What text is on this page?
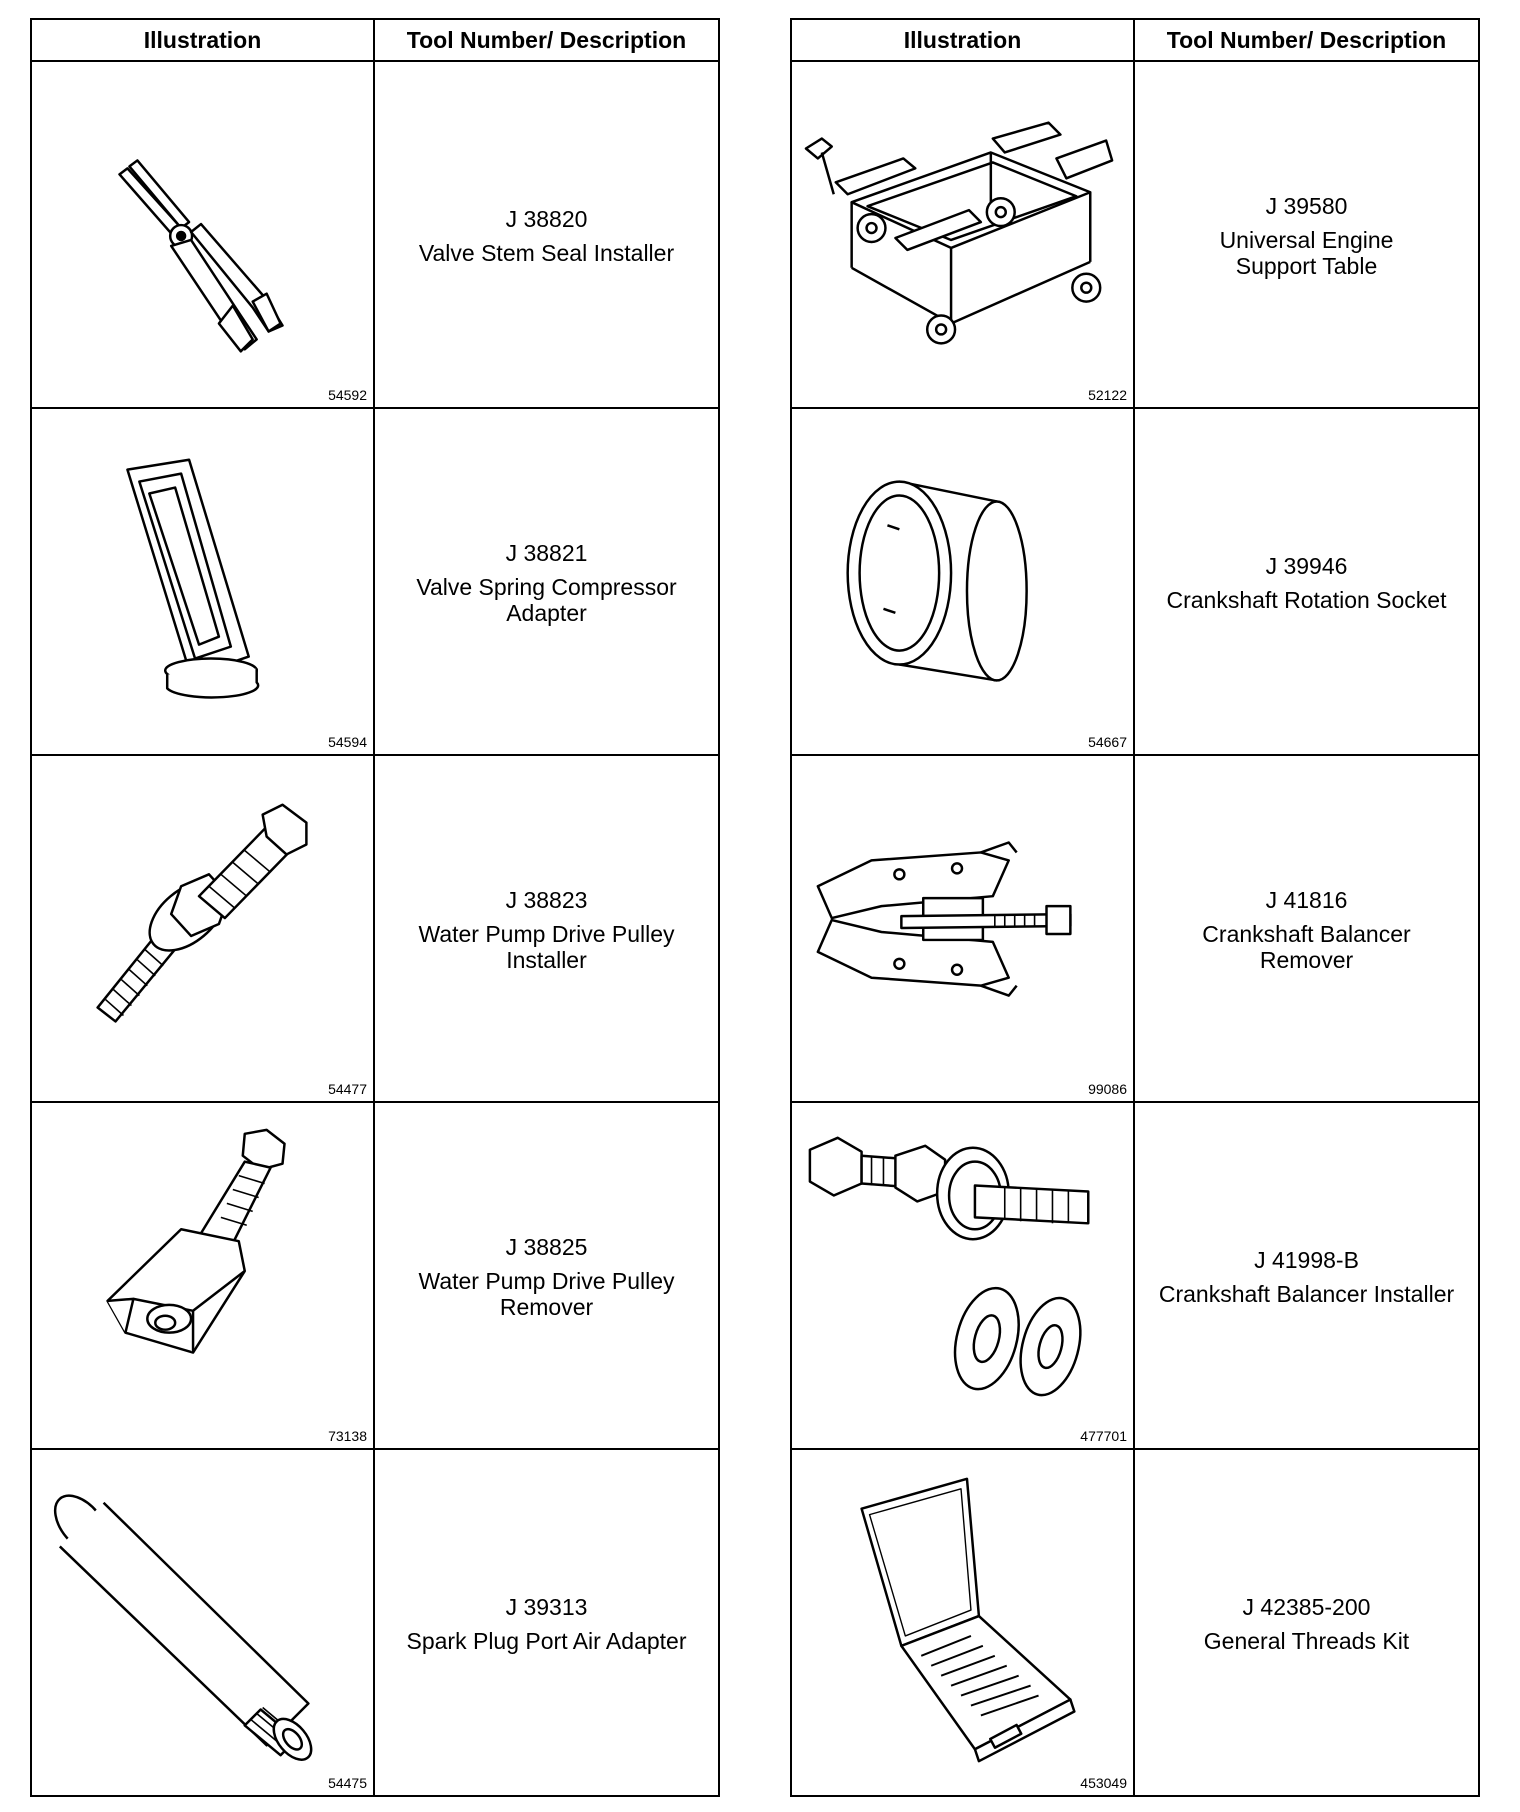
Illustration	Tool Number/ Description

54592	J 38820
Valve Stem Seal Installer

54594	J 38821
Valve Spring Compressor
Adapter

54477	J 38823
Water Pump Drive Pulley
Installer

73138	J 38825
Water Pump Drive Pulley
Remover

54475	J 39313
Spark Plug Port Air Adapter
Illustration	Tool Number/ Description

52122	J 39580
Universal Engine
Support Table

54667	J 39946
Crankshaft Rotation Socket

99086	J 41816
Crankshaft Balancer
Remover

477701	J 41998-B
Crankshaft Balancer Installer

453049	J 42385-200
General Threads Kit
